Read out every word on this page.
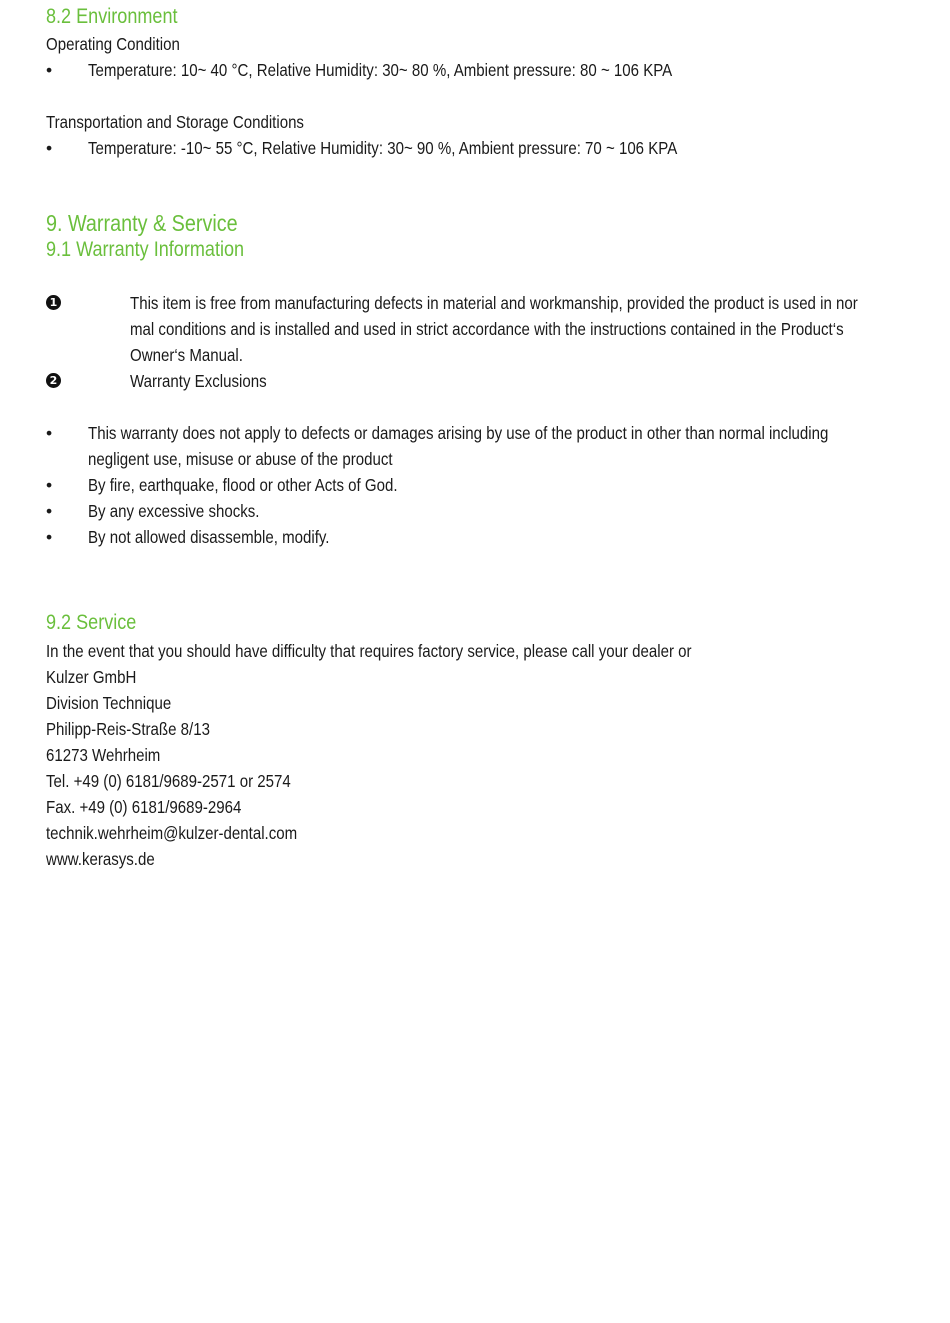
8.2 Environment

Operating Condition

• Temperature: 10~ 40 °C, Relative Humidity: 30~ 80 %, Ambient pressure: 80 ~ 106 KPA

Transportation and Storage Conditions

• Temperature: -10~ 55 °C, Relative Humidity: 30~ 90 %, Ambient pressure: 70 ~ 106 KPA

9. Warranty & Service
9.1 Warranty Information
1	This item is free from manufacturing defects in material and workmanship, provided the product is used in nor

mal conditions and is installed and used in strict accordance with the instructions contained in the Product‘s

Owner‘s Manual.

2	Warranty Exclusions

• This warranty does not apply to defects or damages arising by use of the product in other than normal including

negligent use, misuse or abuse of the product

• By fire, earthquake, flood or other Acts of God.

• By any excessive shocks.

• By not allowed disassemble, modify.

9.2 Service

In the event that you should have difficulty that requires factory service, please call your dealer or

Kulzer GmbH

Division Technique

Philipp-Reis-Straße 8/13

61273 Wehrheim

Tel. +49 (0) 6181/9689-2571 or 2574

Fax. +49 (0) 6181/9689-2964

technik.wehrheim@kulzer-dental.com

www.kerasys.de
